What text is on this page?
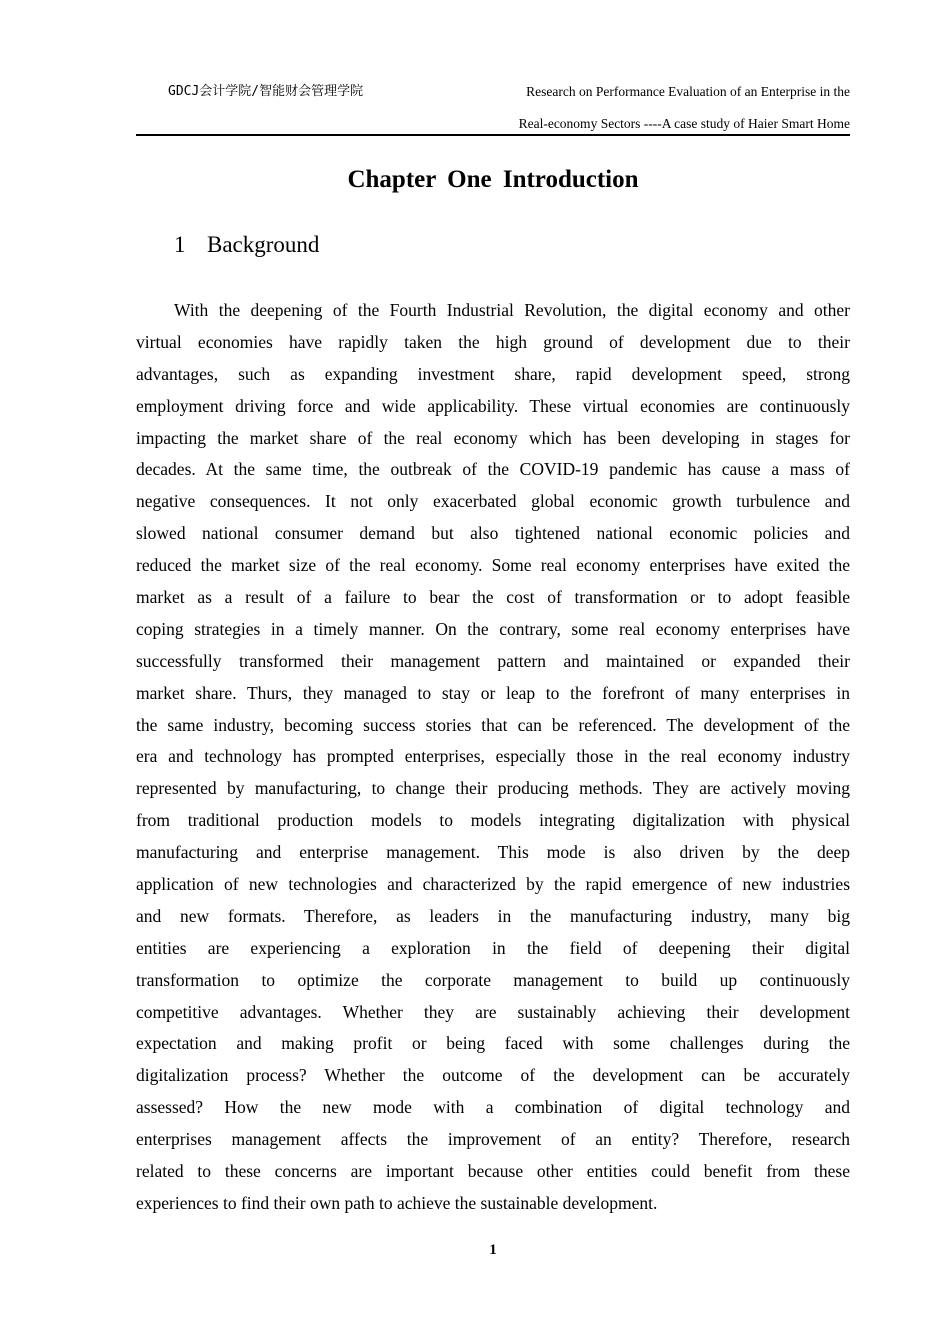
GDCJ会计学院/智能财会管理学院	Research on Performance Evaluation of an Enterprise in the
Real-economy Sectors ----A case study of Haier Smart Home
Chapter One Introduction
1 Background
With the deepening of the Fourth Industrial Revolution, the digital economy and other
virtual economies have rapidly taken the high ground of development due to their
advantages, such as expanding investment share, rapid development speed, strong
employment driving force and wide applicability. These virtual economies are continuously
impacting the market share of the real economy which has been developing in stages for
decades. At the same time, the outbreak of the COVID-19 pandemic has cause a mass of
negative consequences. It not only exacerbated global economic growth turbulence and
slowed national consumer demand but also tightened national economic policies and
reduced the market size of the real economy. Some real economy enterprises have exited the
market as a result of a failure to bear the cost of transformation or to adopt feasible
coping strategies in a timely manner. On the contrary, some real economy enterprises have
successfully transformed their management pattern and maintained or expanded their
market share. Thurs, they managed to stay or leap to the forefront of many enterprises in
the same industry, becoming success stories that can be referenced. The development of the
era and technology has prompted enterprises, especially those in the real economy industry
represented by manufacturing, to change their producing methods. They are actively moving
from traditional production models to models integrating digitalization with physical
manufacturing and enterprise management. This mode is also driven by the deep
application of new technologies and characterized by the rapid emergence of new industries
and new formats. Therefore, as leaders in the manufacturing industry, many big
entities are experiencing a exploration in the field of deepening their digital
transformation to optimize the corporate management to build up continuously
competitive advantages. Whether they are sustainably achieving their development
expectation and making profit or being faced with some challenges during the
digitalization process? Whether the outcome of the development can be accurately
assessed? How the new mode with a combination of digital technology and
enterprises management affects the improvement of an entity? Therefore, research
related to these concerns are important because other entities could benefit from these
experiences to find their own path to achieve the sustainable development.
1
